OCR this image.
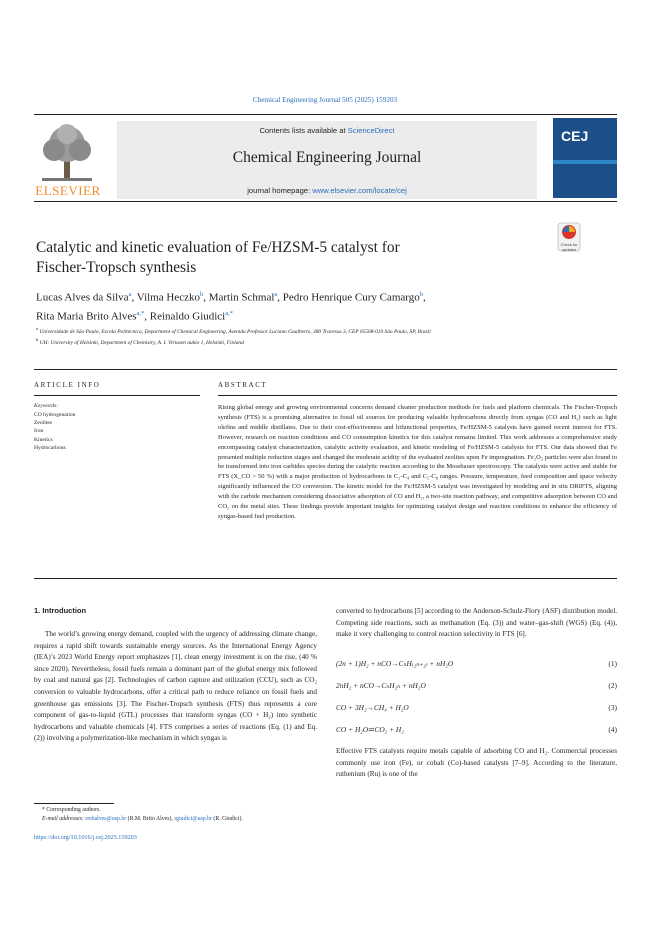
Chemical Engineering Journal 505 (2025) 159203
ELSEVIER
Contents lists available at ScienceDirect
Chemical Engineering Journal
journal homepage: www.elsevier.com/locate/cej
CEJ
Check for updates
Catalytic and kinetic evaluation of Fe/HZSM-5 catalyst for
Fischer-Tropsch synthesis
Lucas Alves da Silva$^a$, Vilma Heczko$^b$, Martin Schmal$^a$, Pedro Henrique Cury Camargo$^b$,
Rita Maria Brito Alves$^{a,*}$, Reinaldo Giudici$^{a,*}$
$^a$ Universidade de São Paulo, Escola Politécnica, Department of Chemical Engineering, Avenida Professor Luciano Gualberto, 380 Travessa 3, CEP 05508-010 São Paulo, SP, Brazil
$^b$ UH: University of Helsinki, Department of Chemistry, A. I. Virtasen aukio 1, Helsinki, Finland
ARTICLE INFO	ABSTRACT
Keywords:
CO hydrogenation
Zeolites
Iron
Kinetics
Hydrocarbons

Rising global energy and growing environmental concerns demand cleaner production methods for fuels and platform chemicals. The Fischer-Tropsch synthesis (FTS) is a promising alternative to fossil oil sources for producing valuable hydrocarbons directly from syngas (CO and H₂) such as light olefins and middle distillates. Due to their cost-effectiveness and bifunctional properties, Fe/HZSM-5 catalysts have gained recent interest for FTS. However, research on reaction conditions and CO consumption kinetics for this catalyst remains limited. This work addresses a comprehensive study encompassing catalyst characterization, catalytic activity evaluation, and kinetic modeling of Fe/HZSM-5 catalysts for FTS. Our data showed that Fe presented multiple reduction stages and changed the moderate acidity of the evaluated zeolites upon Fe impregnation. Fe₂O₃ particles were also found to be transformed into iron carbides species during the catalytic reaction according to the Mossbauer spectroscopy. The catalysts were active and stable for FTS (X_CO > 50 %) with a major production of hydrocarbons in C₂-C₄ and C₅-C₈ ranges. Pressure, temperature, feed composition and space velocity significantly influenced the CO conversion. The kinetic model for the Fe/HZSM-5 catalyst was investigated by modeling and in situ DRIFTS, aligning with the carbide mechanism considering dissociative adsorption of CO and H₂, a two-site reaction pathway, and competitive adsorption between CO and CO₂ on the metal sites. These findings provide important insights for optimizing catalyst design and reaction conditions to enhance the efficiency of syngas-based fuel production.

1. Introduction

The world’s growing energy demand, coupled with the urgency of addressing climate change, requires a rapid shift towards sustainable energy sources. As the International Energy Agency (IEA)’s 2023 World Energy report emphasizes [1], clean energy investment is on the rise, (40 % since 2020). Nevertheless, fossil fuels remain a dominant part of the global energy mix followed by coal and natural gas [2]. Technologies of carbon capture and utilization (CCU), such as CO₂ conversion to valuable hydrocarbons, offer a critical path to reduce reliance on fossil fuels and greenhouse gas emissions [3]. The Fischer-Tropsch synthesis (FTS) thus represents a core component of gas-to-liquid (GTL) processes that transform syngas (CO + H₂) into synthetic hydrocarbons and valuable chemicals [4]. FTS comprises a series of reactions (Eq. (1) and Eq. (2)) involving a polymerization-like mechanism in which syngas is

converted to hydrocarbons [5] according to the Anderson-Schulz-Flory (ASF) distribution model. Competing side reactions, such as methanation (Eq. (3)) and water–gas-shift (WGS) (Eq. (4)), make it very challenging to control reaction selectivity in FTS [6].

(2n + 1)H₂ + nCO→CₙH₍₂ₙ₊₂₎ + nH₂O	(1)
2nH₂ + nCO→CₙH₂ₙ + nH₂O	(2)
CO + 3H₂→CH₄ + H₂O	(3)
CO + H₂O⇌CO₂ + H₂	(4)

Effective FTS catalysts require metals capable of adsorbing CO and H₂. Commercial processes commonly use iron (Fe), or cobalt (Co)-based catalysts [7–9]. According to the literature, ruthenium (Ru) is one of the

* Corresponding authors.
E-mail addresses: rmbalves@usp.br (R.M. Brito Alves), rgiudici@usp.br (R. Giudici).
https://doi.org/10.1016/j.cej.2025.159203
